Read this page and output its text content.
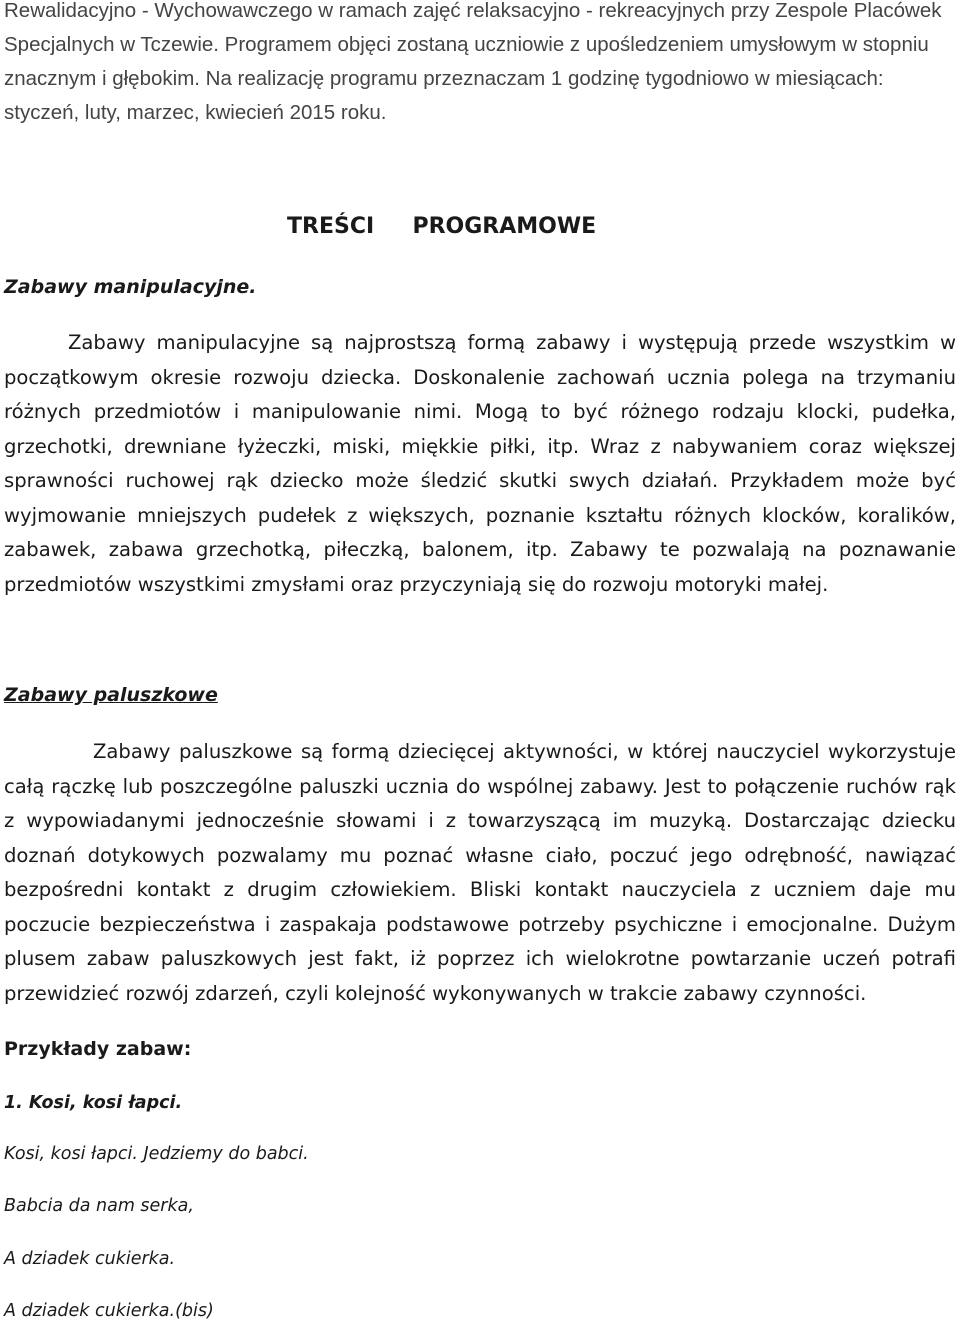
Rewalidacyjno - Wychowawczego w ramach zajęć relaksacyjno - rekreacyjnych przy Zespole Placówek Specjalnych w Tczewie. Programem objęci zostaną uczniowie z upośledzeniem umysłowym w stopniu znacznym i głębokim. Na realizację programu przeznaczam 1 godzinę tygodniowo w miesiącach: styczeń, luty, marzec, kwiecień 2015 roku.

TREŚCI     PROGRAMOWE
Zabawy manipulacyjne.

Zabawy manipulacyjne są najprostszą formą zabawy i występują przede wszystkim w początkowym okresie rozwoju dziecka. Doskonalenie zachowań ucznia polega na trzymaniu różnych przedmiotów i manipulowanie nimi. Mogą to być różnego rodzaju klocki, pudełka, grzechotki, drewniane łyżeczki, miski, miękkie piłki, itp. Wraz z nabywaniem coraz większej sprawności ruchowej rąk dziecko może śledzić skutki swych działań. Przykładem może być wyjmowanie mniejszych pudełek z większych, poznanie kształtu różnych klocków, koralików, zabawek, zabawa grzechotką, piłeczką, balonem, itp. Zabawy te pozwalają na poznawanie przedmiotów wszystkimi zmysłami oraz przyczyniają się do rozwoju motoryki małej.

Zabawy paluszkowe

Zabawy paluszkowe są formą dziecięcej aktywności, w której nauczyciel wykorzystuje całą rączkę lub poszczególne paluszki ucznia do wspólnej zabawy. Jest to połączenie ruchów rąk z wypowiadanymi jednocześnie słowami i z towarzyszącą im muzyką. Dostarczając dziecku doznań dotykowych pozwalamy mu poznać własne ciało, poczuć jego odrębność, nawiązać bezpośredni kontakt z drugim człowiekiem. Bliski kontakt nauczyciela z uczniem daje mu poczucie bezpieczeństwa i zaspakaja podstawowe potrzeby psychiczne i emocjonalne. Dużym plusem zabaw paluszkowych jest fakt, iż poprzez ich wielokrotne powtarzanie uczeń potrafi przewidzieć rozwój zdarzeń, czyli kolejność wykonywanych w trakcie zabawy czynności.

Przykłady zabaw:

1. Kosi, kosi łapci.

Kosi, kosi łapci. Jedziemy do babci.

Babcia da nam serka,

A dziadek cukierka.

A dziadek cukierka.(bis)
